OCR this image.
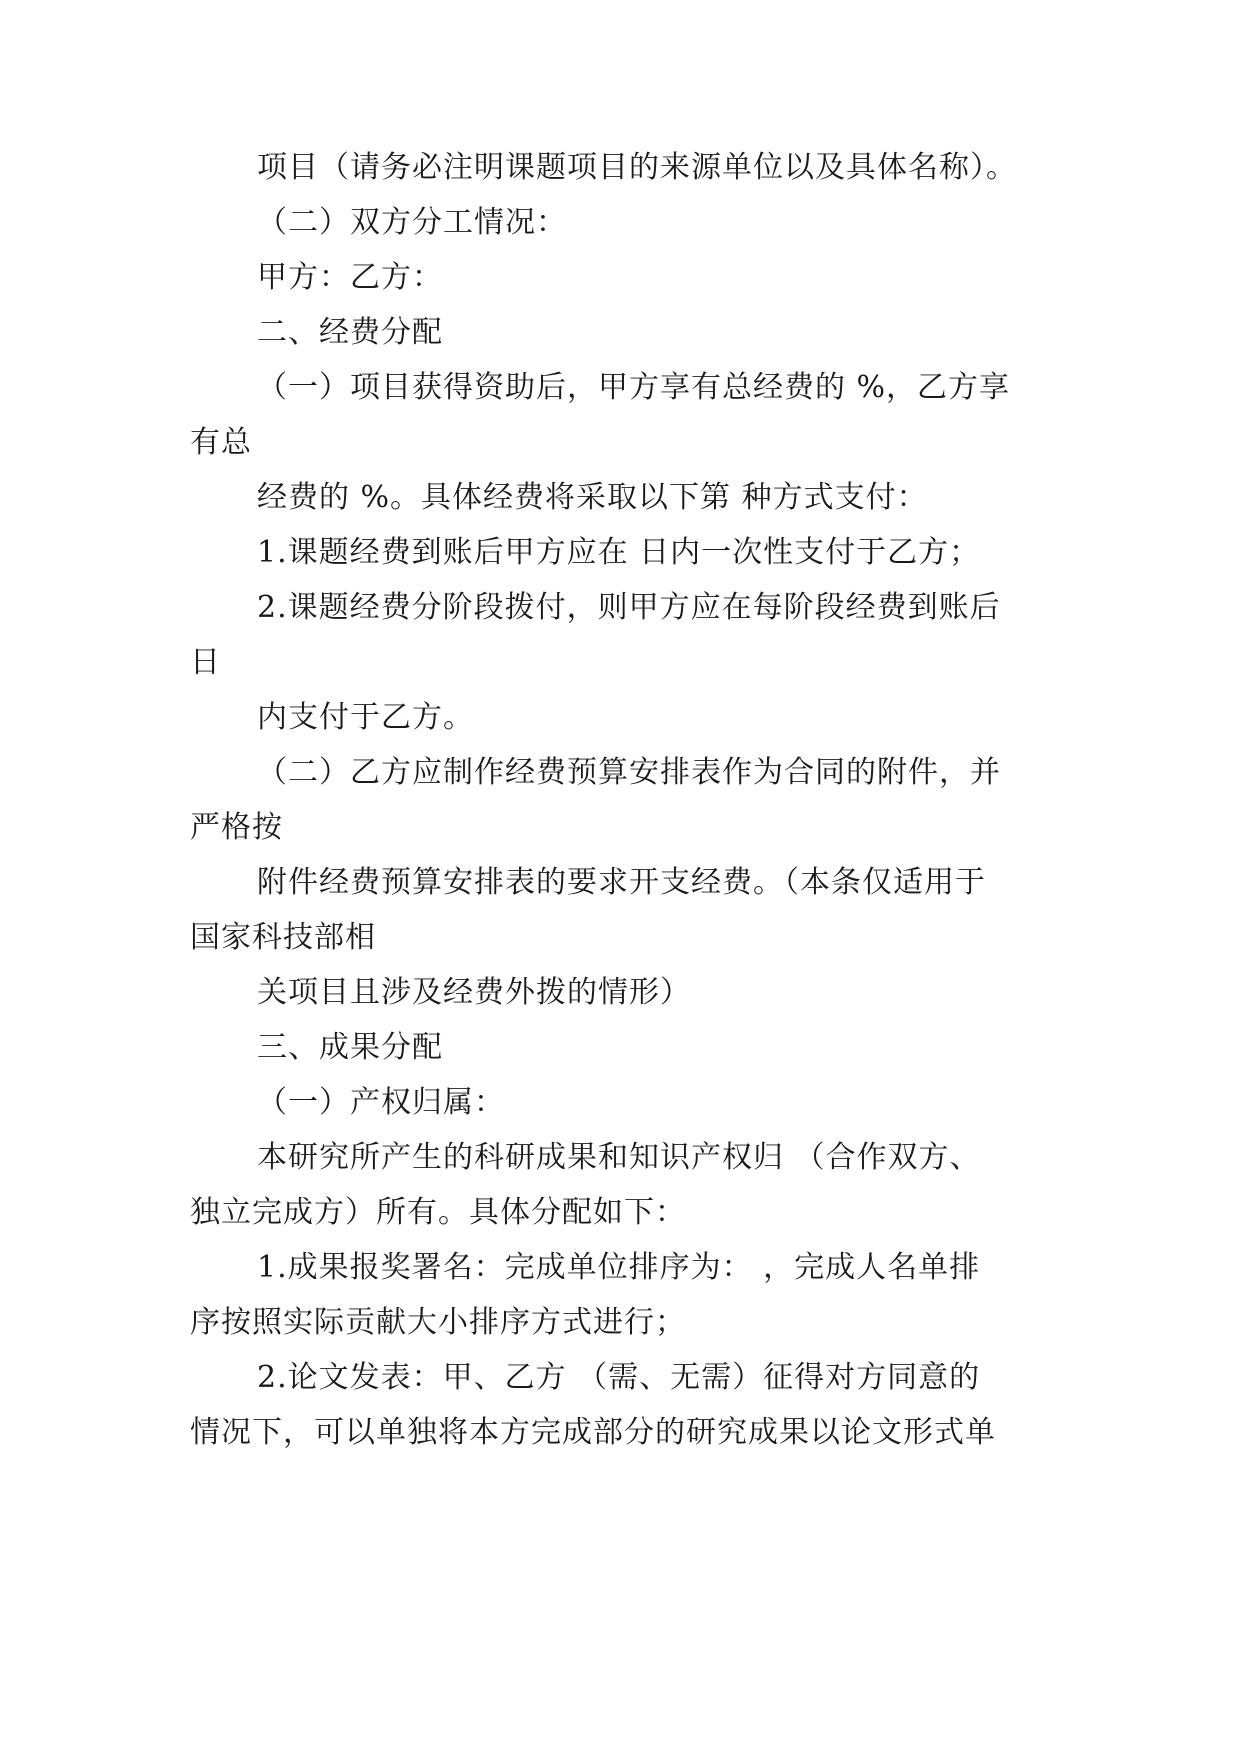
项目（请务必注明课题项目的来源单位以及具体名称）。
（二）双方分工情况：
甲方：乙方：
二、经费分配
（一）项目获得资助后，甲方享有总经费的 %，乙方享
有总
经费的 %。具体经费将采取以下第 种方式支付：
1.课题经费到账后甲方应在 日内一次性支付于乙方；
2.课题经费分阶段拨付，则甲方应在每阶段经费到账后
日
内支付于乙方。
（二）乙方应制作经费预算安排表作为合同的附件，并
严格按
附件经费预算安排表的要求开支经费。（本条仅适用于
国家科技部相
关项目且涉及经费外拨的情形）
三、成果分配
（一）产权归属：
本研究所产生的科研成果和知识产权归 （合作双方、
独立完成方）所有。具体分配如下：
1.成果报奖署名：完成单位排序为： ，完成人名单排
序按照实际贡献大小排序方式进行；
2.论文发表：甲、乙方 （需、无需）征得对方同意的
情况下，可以单独将本方完成部分的研究成果以论文形式单
